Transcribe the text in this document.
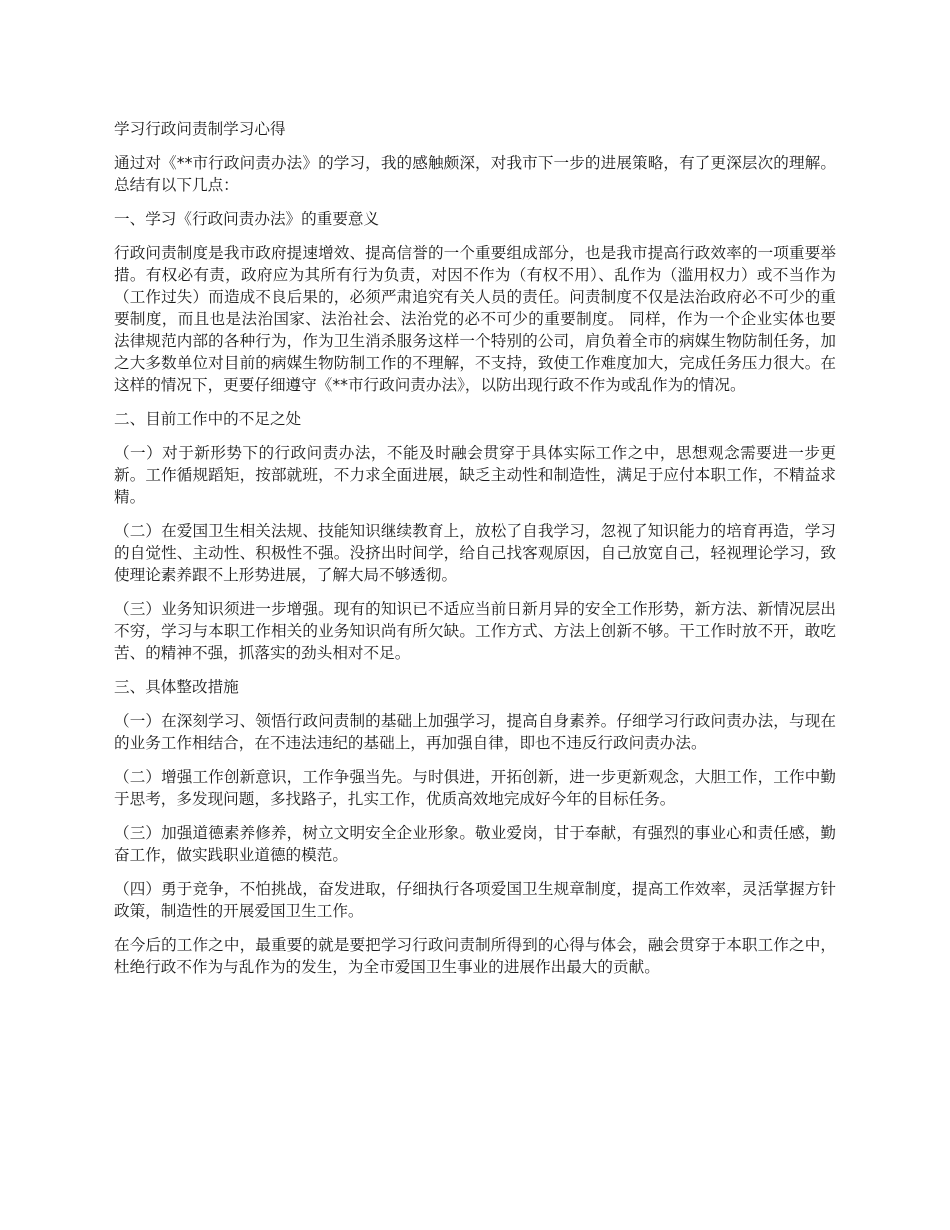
学习行政问责制学习心得

通过对《**市行政问责办法》的学习，我的感触颇深，对我市下一步的进展策略，有了更深层次的理解。总结有以下几点：

一、学习《行政问责办法》的重要意义

行政问责制度是我市政府提速增效、提高信誉的一个重要组成部分，也是我市提高行政效率的一项重要举措。有权必有责，政府应为其所有行为负责，对因不作为（有权不用）、乱作为（滥用权力）或不当作为（工作过失）而造成不良后果的，必须严肃追究有关人员的责任。问责制度不仅是法治政府必不可少的重要制度，而且也是法治国家、法治社会、法治党的必不可少的重要制度。 同样，作为一个企业实体也要法律规范内部的各种行为，作为卫生消杀服务这样一个特别的公司，肩负着全市的病媒生物防制任务，加之大多数单位对目前的病媒生物防制工作的不理解，不支持，致使工作难度加大，完成任务压力很大。在这样的情况下，更要仔细遵守《**市行政问责办法》，以防出现行政不作为或乱作为的情况。

二、目前工作中的不足之处

（一）对于新形势下的行政问责办法，不能及时融会贯穿于具体实际工作之中，思想观念需要进一步更新。工作循规蹈矩，按部就班，不力求全面进展，缺乏主动性和制造性，满足于应付本职工作，不精益求精。

（二）在爱国卫生相关法规、技能知识继续教育上，放松了自我学习，忽视了知识能力的培育再造，学习的自觉性、主动性、积极性不强。没挤出时间学，给自己找客观原因，自己放宽自己，轻视理论学习，致使理论素养跟不上形势进展，了解大局不够透彻。

（三）业务知识须进一步增强。现有的知识已不适应当前日新月异的安全工作形势，新方法、新情况层出不穷，学习与本职工作相关的业务知识尚有所欠缺。工作方式、方法上创新不够。干工作时放不开，敢吃苦、的精神不强，抓落实的劲头相对不足。

三、具体整改措施

（一）在深刻学习、领悟行政问责制的基础上加强学习，提高自身素养。仔细学习行政问责办法，与现在的业务工作相结合，在不违法违纪的基础上，再加强自律，即也不违反行政问责办法。

（二）增强工作创新意识，工作争强当先。与时俱进，开拓创新，进一步更新观念，大胆工作，工作中勤于思考，多发现问题，多找路子，扎实工作，优质高效地完成好今年的目标任务。

（三）加强道德素养修养，树立文明安全企业形象。敬业爱岗，甘于奉献，有强烈的事业心和责任感，勤奋工作，做实践职业道德的模范。

（四）勇于竞争，不怕挑战，奋发进取，仔细执行各项爱国卫生规章制度，提高工作效率，灵活掌握方针政策，制造性的开展爱国卫生工作。

在今后的工作之中，最重要的就是要把学习行政问责制所得到的心得与体会，融会贯穿于本职工作之中，杜绝行政不作为与乱作为的发生，为全市爱国卫生事业的进展作出最大的贡献。
